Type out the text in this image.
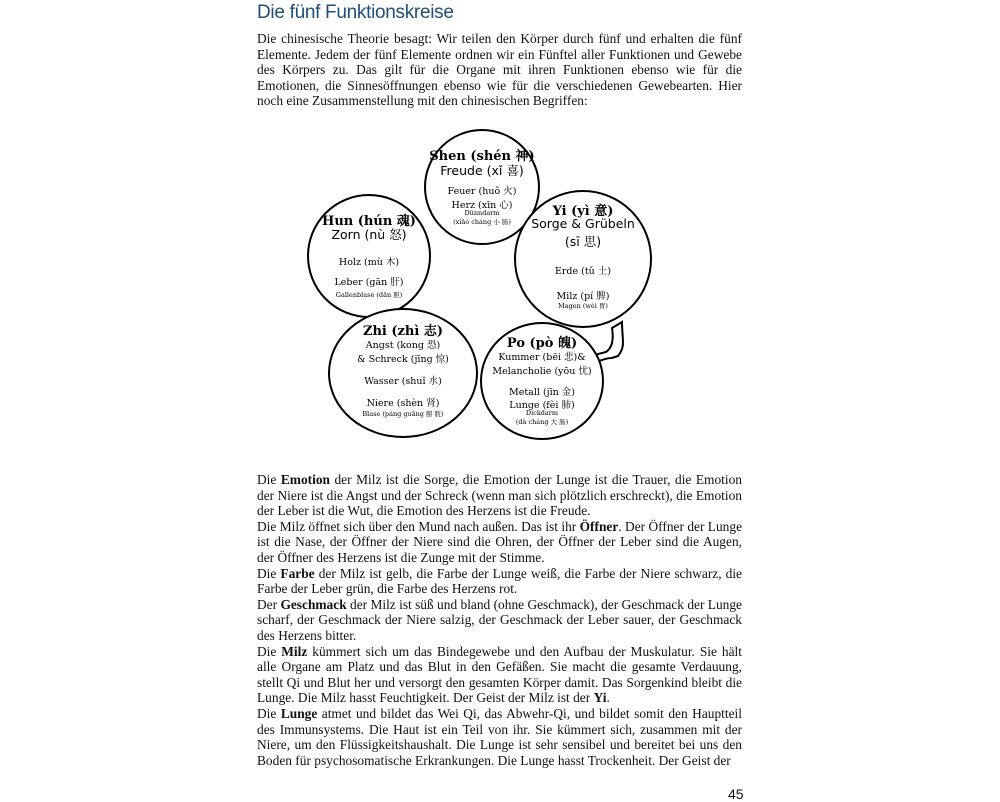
Die fünf Funktionskreise

Die chinesische Theorie besagt: Wir teilen den Körper durch fünf und erhalten die fünf Elemente. Jedem der fünf Elemente ordnen wir ein Fünftel aller Funktionen und Gewebe des Körpers zu. Das gilt für die Organe mit ihren Funktionen ebenso wie für die Emotionen, die Sinnesöffnungen ebenso wie für die verschiedenen Gewebearten. Hier noch eine Zusammenstellung mit den chinesischen Begriffen:

Shen (shén 神)
Freude (xǐ 喜)
Feuer (huǒ 火)
Herz (xīn 心)
Dünndarm
(xiǎo cháng 小 肠)
Hun (hún 魂)
Zorn (nù 怒)
Holz (mù 木)
Leber (gān 肝)
Gallenblase (dǎn 胆)
Yi (yì 意)
Sorge & Grübeln
(sī 思)
Erde (tǔ 土)
Milz (pí 脾)
Magen (wèi 胃)
Zhi (zhì 志)
Angst (kong 恐)
& Schreck (jīng 惊)
Wasser (shuǐ 水)
Niere (shèn 肾)
Blase (páng guāng 膀 胱)
Po (pò 魄)
Kummer (bēi 悲)&
Melancholie (yōu 忧)
Metall (jīn 金)
Lunge (fèi 肺)
Dickdarm
(dà cháng 大 肠)

Die Emotion der Milz ist die Sorge, die Emotion der Lunge ist die Trauer, die Emotion der Niere ist die Angst und der Schreck (wenn man sich plötzlich erschreckt), die Emotion der Leber ist die Wut, die Emotion des Herzens ist die Freude.

Die Milz öffnet sich über den Mund nach außen. Das ist ihr Öffner. Der Öffner der Lunge ist die Nase, der Öffner der Niere sind die Ohren, der Öffner der Leber sind die Augen, der Öffner des Herzens ist die Zunge mit der Stimme.

Die Farbe der Milz ist gelb, die Farbe der Lunge weiß, die Farbe der Niere schwarz, die Farbe der Leber grün, die Farbe des Herzens rot.

Der Geschmack der Milz ist süß und bland (ohne Geschmack), der Geschmack der Lunge scharf, der Geschmack der Niere salzig, der Geschmack der Leber sauer, der Geschmack des Herzens bitter.

Die Milz kümmert sich um das Bindegewebe und den Aufbau der Muskulatur. Sie hält alle Organe am Platz und das Blut in den Gefäßen. Sie macht die gesamte Verdauung, stellt Qi und Blut her und versorgt den gesamten Körper damit. Das Sorgenkind bleibt die Lunge. Die Milz hasst Feuchtigkeit. Der Geist der Milz ist der Yi.

Die Lunge atmet und bildet das Wei Qi, das Abwehr-Qi, und bildet somit den Hauptteil des Immunsystems. Die Haut ist ein Teil von ihr. Sie kümmert sich, zusammen mit der Niere, um den Flüssigkeitshaushalt. Die Lunge ist sehr sensibel und bereitet bei uns den Boden für psychosomatische Erkrankungen. Die Lunge hasst Trockenheit. Der Geist der

45
